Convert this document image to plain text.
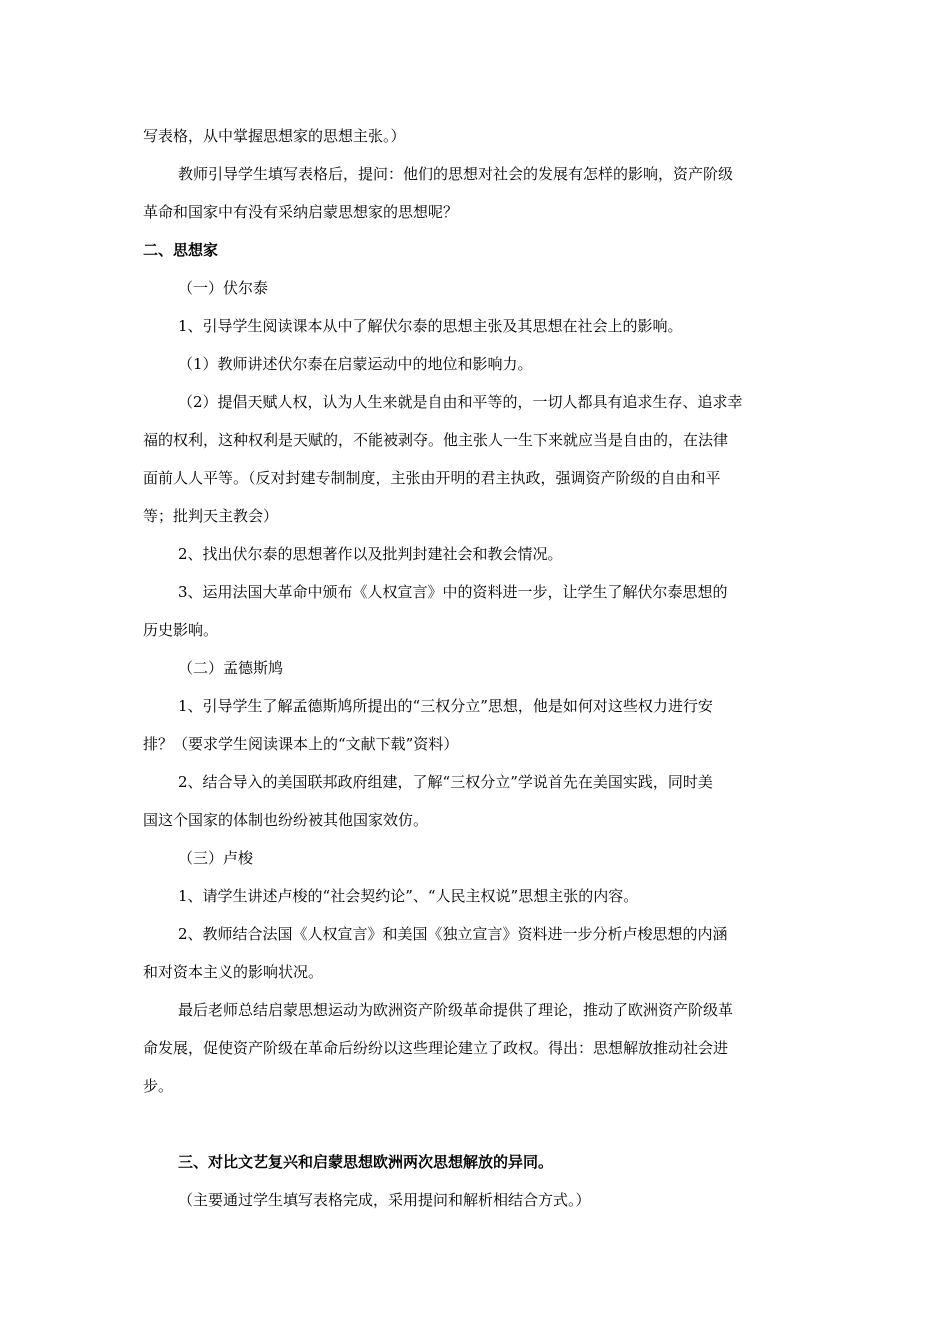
写表格，从中掌握思想家的思想主张。）
教师引导学生填写表格后，提问：他们的思想对社会的发展有怎样的影响，资产阶级
革命和国家中有没有采纳启蒙思想家的思想呢？
二、思想家
（一）伏尔泰
1、引导学生阅读课本从中了解伏尔泰的思想主张及其思想在社会上的影响。
（1）教师讲述伏尔泰在启蒙运动中的地位和影响力。
（2）提倡天赋人权，认为人生来就是自由和平等的，一切人都具有追求生存、追求幸
福的权利，这种权利是天赋的，不能被剥夺。他主张人一生下来就应当是自由的，在法律
面前人人平等。（反对封建专制制度，主张由开明的君主执政，强调资产阶级的自由和平
等；批判天主教会）
2、找出伏尔泰的思想著作以及批判封建社会和教会情况。
3、运用法国大革命中颁布《人权宣言》中的资料进一步，让学生了解伏尔泰思想的
历史影响。
（二）孟德斯鸠
1、引导学生了解孟德斯鸠所提出的“三权分立”思想，他是如何对这些权力进行安
排？（要求学生阅读课本上的“文献下载”资料）
2、结合导入的美国联邦政府组建，了解“三权分立”学说首先在美国实践，同时美
国这个国家的体制也纷纷被其他国家效仿。
（三）卢梭
1、请学生讲述卢梭的“社会契约论”、“人民主权说”思想主张的内容。
2、教师结合法国《人权宣言》和美国《独立宣言》资料进一步分析卢梭思想的内涵
和对资本主义的影响状况。
最后老师总结启蒙思想运动为欧洲资产阶级革命提供了理论，推动了欧洲资产阶级革
命发展，促使资产阶级在革命后纷纷以这些理论建立了政权。得出：思想解放推动社会进
步。
三、对比文艺复兴和启蒙思想欧洲两次思想解放的异同。
（主要通过学生填写表格完成，采用提问和解析相结合方式。）
